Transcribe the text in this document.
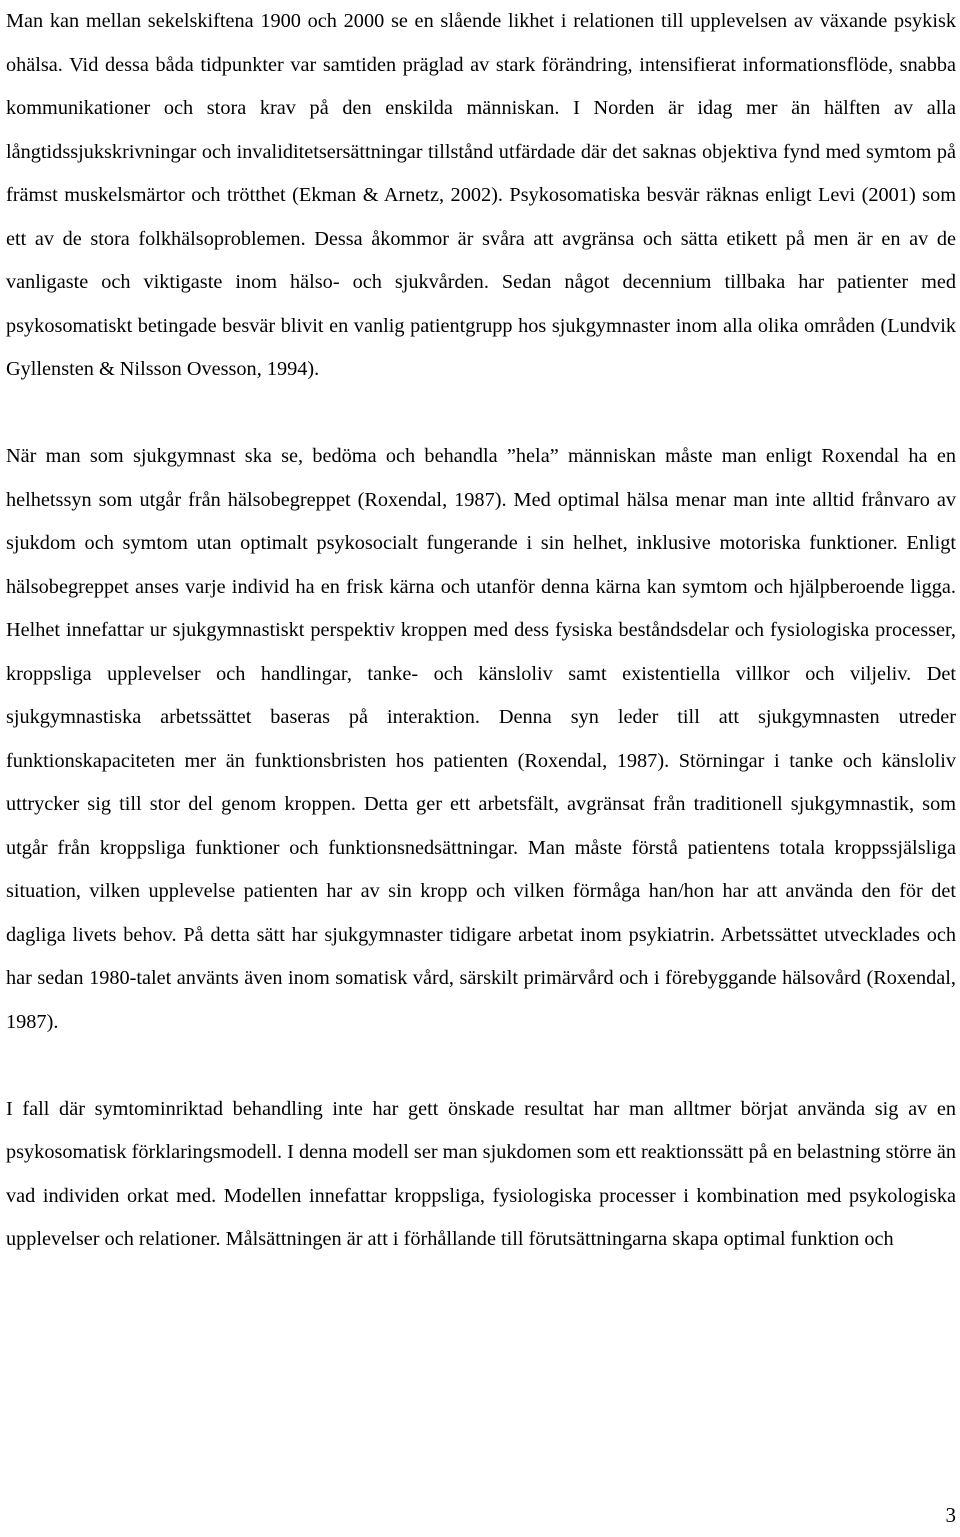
Man kan mellan sekelskiftena 1900 och 2000 se en slående likhet i relationen till upplevelsen av växande psykisk ohälsa. Vid dessa båda tidpunkter var samtiden präglad av stark förändring, intensifierat informationsflöde, snabba kommunikationer och stora krav på den enskilda människan. I Norden är idag mer än hälften av alla långtidssjukskrivningar och invaliditetsersättningar tillstånd utfärdade där det saknas objektiva fynd med symtom på främst muskelsmärtor och trötthet (Ekman & Arnetz, 2002). Psykosomatiska besvär räknas enligt Levi (2001) som ett av de stora folkhälsoproblemen. Dessa åkommor är svåra att avgränsa och sätta etikett på men är en av de vanligaste och viktigaste inom hälso- och sjukvården. Sedan något decennium tillbaka har patienter med psykosomatiskt betingade besvär blivit en vanlig patientgrupp hos sjukgymnaster inom alla olika områden (Lundvik Gyllensten & Nilsson Ovesson, 1994).

När man som sjukgymnast ska se, bedöma och behandla ”hela” människan måste man enligt Roxendal ha en helhetssyn som utgår från hälsobegreppet (Roxendal, 1987). Med optimal hälsa menar man inte alltid frånvaro av sjukdom och symtom utan optimalt psykosocialt fungerande i sin helhet, inklusive motoriska funktioner. Enligt hälsobegreppet anses varje individ ha en frisk kärna och utanför denna kärna kan symtom och hjälpberoende ligga. Helhet innefattar ur sjukgymnastiskt perspektiv kroppen med dess fysiska beståndsdelar och fysiologiska processer, kroppsliga upplevelser och handlingar, tanke- och känsloliv samt existentiella villkor och viljeliv. Det sjukgymnastiska arbetssättet baseras på interaktion. Denna syn leder till att sjukgymnasten utreder funktionskapaciteten mer än funktionsbristen hos patienten (Roxendal, 1987). Störningar i tanke och känsloliv uttrycker sig till stor del genom kroppen. Detta ger ett arbetsfält, avgränsat från traditionell sjukgymnastik, som utgår från kroppsliga funktioner och funktionsnedsättningar. Man måste förstå patientens totala kroppssjälsliga situation, vilken upplevelse patienten har av sin kropp och vilken förmåga han/hon har att använda den för det dagliga livets behov. På detta sätt har sjukgymnaster tidigare arbetat inom psykiatrin. Arbetssättet utvecklades och har sedan 1980-talet använts även inom somatisk vård, särskilt primärvård och i förebyggande hälsovård (Roxendal, 1987).

I fall där symtominriktad behandling inte har gett önskade resultat har man alltmer börjat använda sig av en psykosomatisk förklaringsmodell. I denna modell ser man sjukdomen som ett reaktionssätt på en belastning större än vad individen orkat med. Modellen innefattar kroppsliga, fysiologiska processer i kombination med psykologiska upplevelser och relationer. Målsättningen är att i förhållande till förutsättningarna skapa optimal funktion och

3
